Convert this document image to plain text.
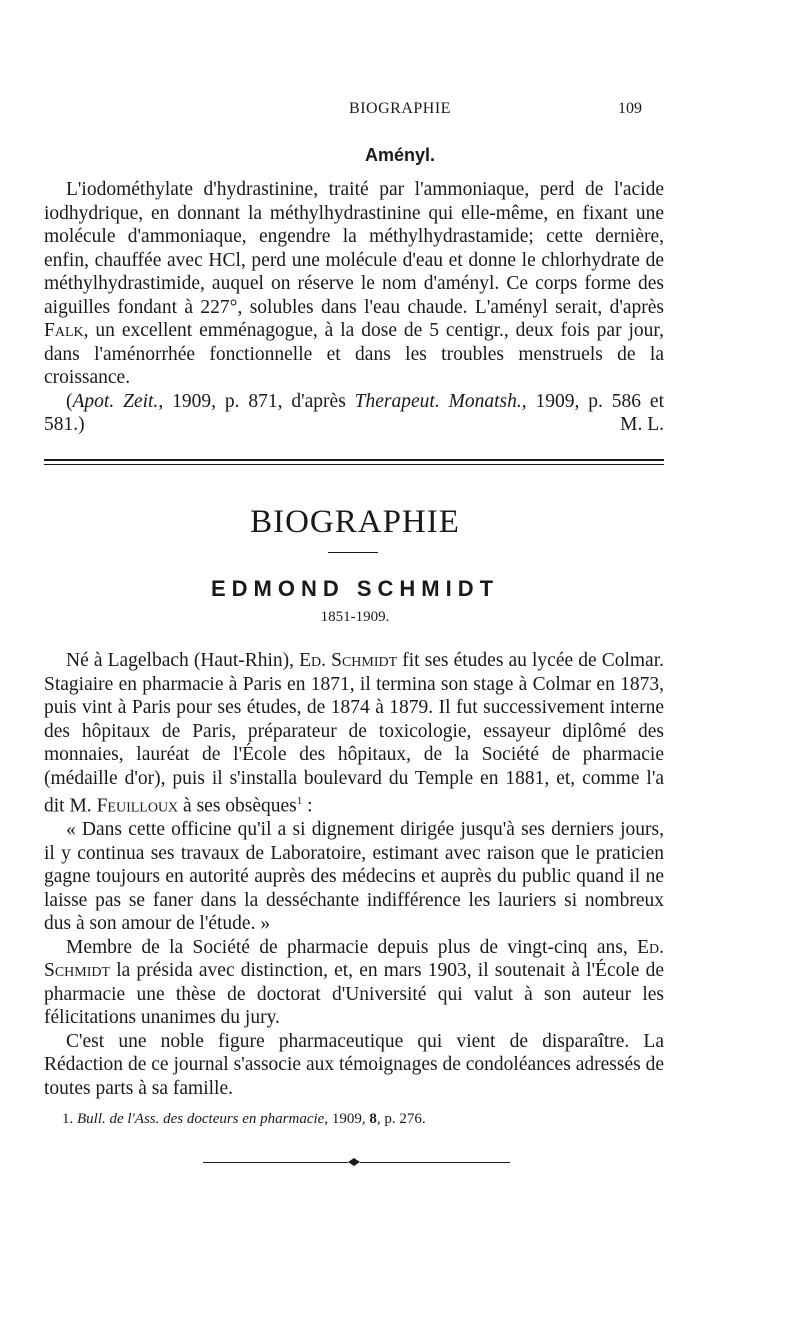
BIOGRAPHIE	109
Aményl.

L'iodométhylate d'hydrastinine, traité par l'ammoniaque, perd de l'acide iodhydrique, en donnant la méthylhydrastinine qui elle-même, en fixant une molécule d'ammoniaque, engendre la méthylhydrastamide; cette dernière, enfin, chauffée avec HCl, perd une molécule d'eau et donne le chlorhydrate de méthylhydrastimide, auquel on réserve le nom d'aményl. Ce corps forme des aiguilles fondant à 227°, solubles dans l'eau chaude. L'aményl serait, d'après Falk, un excellent emménagogue, à la dose de 5 centigr., deux fois par jour, dans l'aménorrhée fonctionnelle et dans les troubles menstruels de la croissance.

(Apot. Zeit., 1909, p. 871, d'après Therapeut. Monatsh., 1909, p. 586 et 581.)	M. L.

BIOGRAPHIE
EDMOND SCHMIDT
1851-1909.

Né à Lagelbach (Haut-Rhin), Ed. Schmidt fit ses études au lycée de Colmar. Stagiaire en pharmacie à Paris en 1871, il termina son stage à Colmar en 1873, puis vint à Paris pour ses études, de 1874 à 1879. Il fut successivement interne des hôpitaux de Paris, préparateur de toxicologie, essayeur diplômé des monnaies, lauréat de l'École des hôpitaux, de la Société de pharmacie (médaille d'or), puis il s'installa boulevard du Temple en 1881, et, comme l'a dit M. Feuilloux à ses obsèques$^1$ :

« Dans cette officine qu'il a si dignement dirigée jusqu'à ses derniers jours, il y continua ses travaux de Laboratoire, estimant avec raison que le praticien gagne toujours en autorité auprès des médecins et auprès du public quand il ne laisse pas se faner dans la desséchante indifférence les lauriers si nombreux dus à son amour de l'étude. »

Membre de la Société de pharmacie depuis plus de vingt-cinq ans, Ed. Schmidt la présida avec distinction, et, en mars 1903, il soutenait à l'École de pharmacie une thèse de doctorat d'Université qui valut à son auteur les félicitations unanimes du jury.

C'est une noble figure pharmaceutique qui vient de disparaître. La Rédaction de ce journal s'associe aux témoignages de condoléances adressés de toutes parts à sa famille.

1. Bull. de l'Ass. des docteurs en pharmacie, 1909, 8, p. 276.
